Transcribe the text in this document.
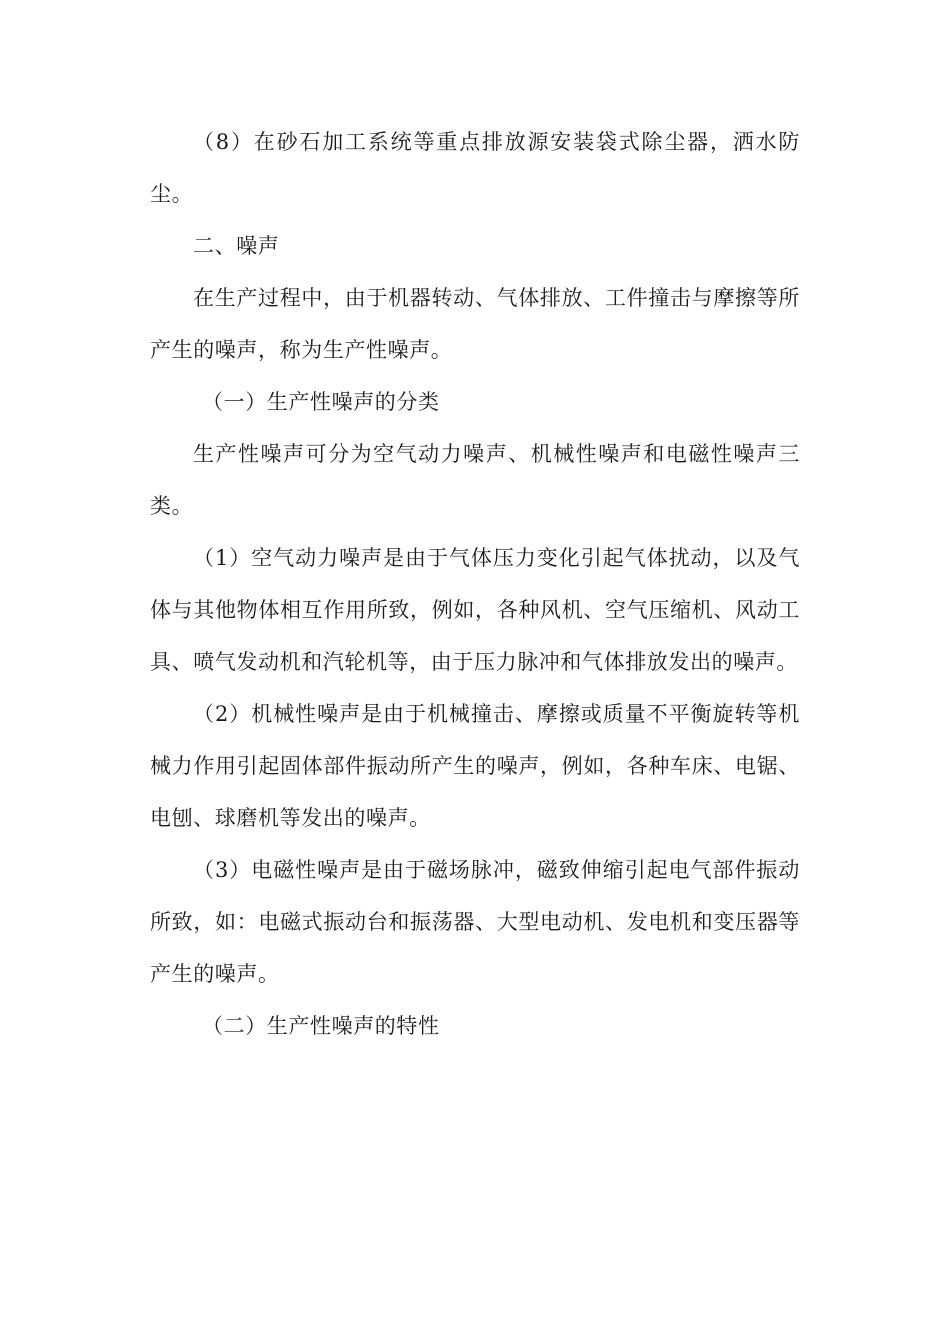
（8）在砂石加工系统等重点排放源安装袋式除尘器，洒水防尘。

二、噪声

在生产过程中，由于机器转动、气体排放、工件撞击与摩擦等所产生的噪声，称为生产性噪声。

（一）生产性噪声的分类

生产性噪声可分为空气动力噪声、机械性噪声和电磁性噪声三类。

（1）空气动力噪声是由于气体压力变化引起气体扰动，以及气体与其他物体相互作用所致，例如，各种风机、空气压缩机、风动工具、喷气发动机和汽轮机等，由于压力脉冲和气体排放发出的噪声。

（2）机械性噪声是由于机械撞击、摩擦或质量不平衡旋转等机械力作用引起固体部件振动所产生的噪声，例如，各种车床、电锯、电刨、球磨机等发出的噪声。

（3）电磁性噪声是由于磁场脉冲，磁致伸缩引起电气部件振动所致，如：电磁式振动台和振荡器、大型电动机、发电机和变压器等产生的噪声。

（二）生产性噪声的特性
